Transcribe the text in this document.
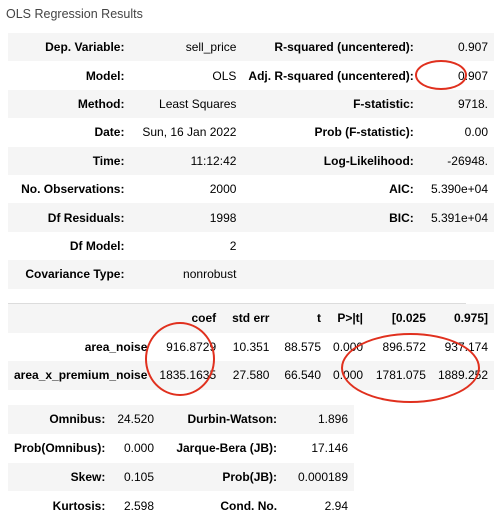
OLS Regression Results
Dep. Variable:	sell_price	R-squared (uncentered):	0.907
Model:	OLS	Adj. R-squared (uncentered):	0.907
Method:	Least Squares	F-statistic:	9718.
Date:	Sun, 16 Jan 2022	Prob (F-statistic):	0.00
Time:	11:12:42	Log-Likelihood:	-26948.
No. Observations:	2000	AIC:	5.390e+04
Df Residuals:	1998	BIC:	5.391e+04
Df Model:	2		
Covariance Type:	nonrobust		
	coef	std err	t	P>|t|	[0.025	0.975]
area_noise	916.8729	10.351	88.575	0.000	896.572	937.174
area_x_premium_noise	1835.1635	27.580	66.540	0.000	1781.075	1889.252
Omnibus:	24.520	Durbin-Watson:	1.896
Prob(Omnibus):	0.000	Jarque-Bera (JB):	17.146
Skew:	0.105	Prob(JB):	0.000189
Kurtosis:	2.598	Cond. No.	2.94
